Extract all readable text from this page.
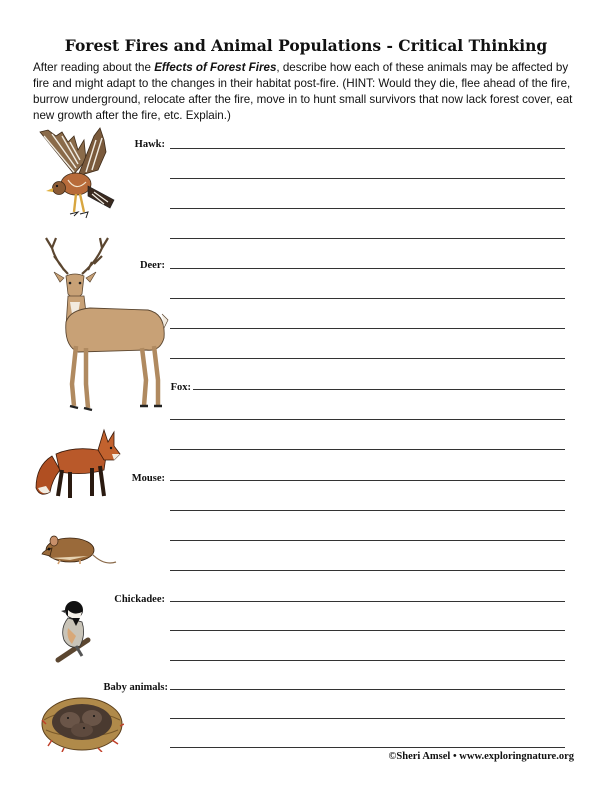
Forest Fires and Animal Populations - Critical Thinking
After reading about the Effects of Forest Fires, describe how each of these animals may be affected by fire and might adapt to the changes in their habitat post-fire. (HINT: Would they die, flee ahead of the fire, burrow underground, relocate after the fire, move in to hunt small survivors that now lack forest cover, eat new growth after the fire, etc. Explain.)
Hawk:
Deer:
Fox:
Mouse:
Chickadee:
Baby animals:
©Sheri Amsel • www.exploringnature.org
